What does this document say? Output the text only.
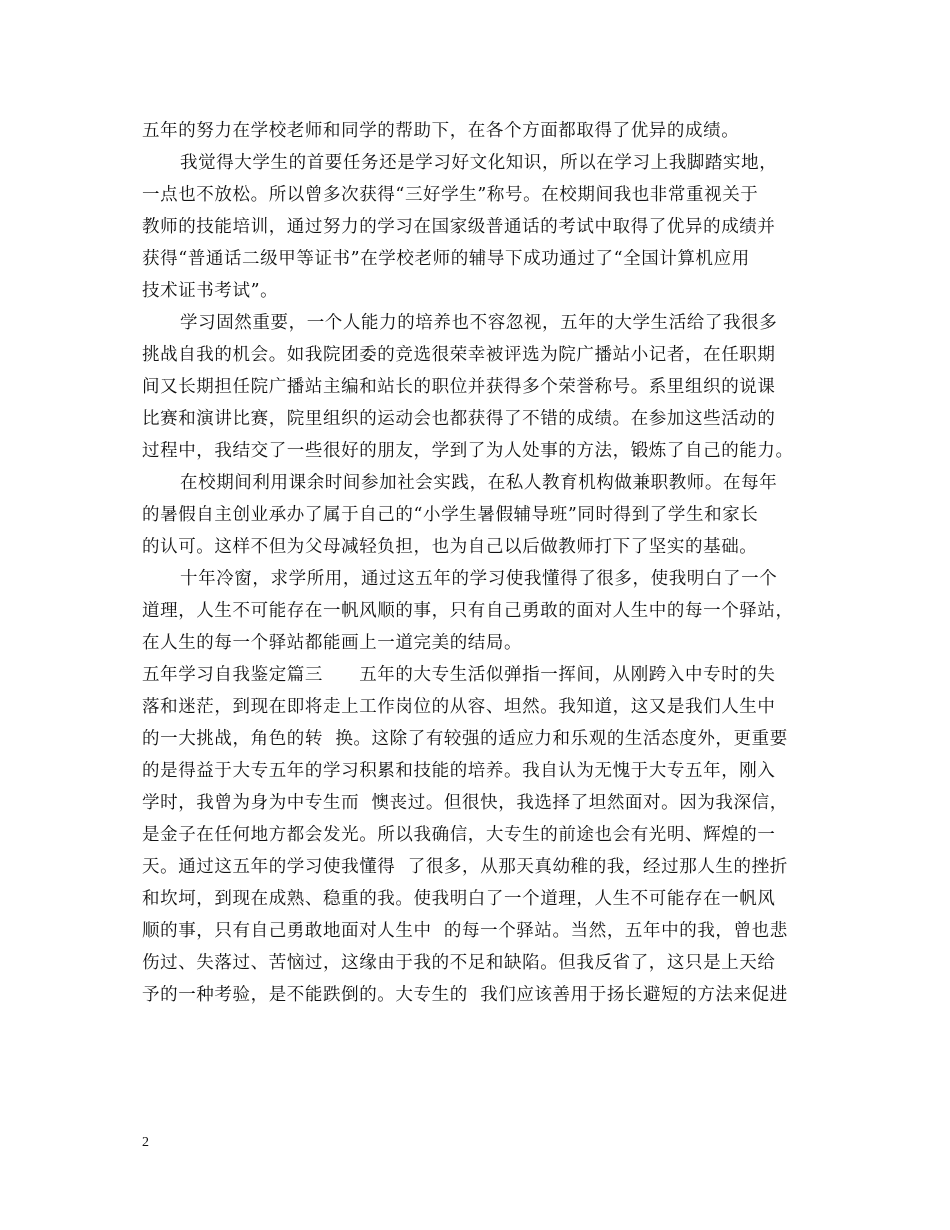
五年的努力在学校老师和同学的帮助下，在各个方面都取得了优异的成绩。
我觉得大学生的首要任务还是学习好文化知识，所以在学习上我脚踏实地，
一点也不放松。所以曾多次获得“三好学生”称号。在校期间我也非常重视关于
教师的技能培训，通过努力的学习在国家级普通话的考试中取得了优异的成绩并
获得“普通话二级甲等证书”在学校老师的辅导下成功通过了“全国计算机应用
技术证书考试”。
学习固然重要，一个人能力的培养也不容忽视，五年的大学生活给了我很多
挑战自我的机会。如我院团委的竞选很荣幸被评选为院广播站小记者，在任职期
间又长期担任院广播站主编和站长的职位并获得多个荣誉称号。系里组织的说课
比赛和演讲比赛，院里组织的运动会也都获得了不错的成绩。在参加这些活动的
过程中，我结交了一些很好的朋友，学到了为人处事的方法，锻炼了自己的能力。
在校期间利用课余时间参加社会实践，在私人教育机构做兼职教师。在每年
的暑假自主创业承办了属于自己的“小学生暑假辅导班”同时得到了学生和家长
的认可。这样不但为父母减轻负担，也为自己以后做教师打下了坚实的基础。
十年冷窗，求学所用，通过这五年的学习使我懂得了很多，使我明白了一个
道理，人生不可能存在一帆风顺的事，只有自己勇敢的面对人生中的每一个驿站，
在人生的每一个驿站都能画上一道完美的结局。
五年学习自我鉴定篇三　　五年的大专生活似弹指一挥间，从刚跨入中专时的失
落和迷茫，到现在即将走上工作岗位的从容、坦然。我知道，这又是我们人生中
的一大挑战，角色的转  换。这除了有较强的适应力和乐观的生活态度外，更重要
的是得益于大专五年的学习积累和技能的培养。我自认为无愧于大专五年，刚入
学时，我曾为身为中专生而  懊丧过。但很快，我选择了坦然面对。因为我深信，
是金子在任何地方都会发光。所以我确信，大专生的前途也会有光明、辉煌的一
天。通过这五年的学习使我懂得  了很多，从那天真幼稚的我，经过那人生的挫折
和坎坷，到现在成熟、稳重的我。使我明白了一个道理，人生不可能存在一帆风
顺的事，只有自己勇敢地面对人生中  的每一个驿站。当然，五年中的我，曾也悲
伤过、失落过、苦恼过，这缘由于我的不足和缺陷。但我反省了，这只是上天给
予的一种考验，是不能跌倒的。大专生的  我们应该善用于扬长避短的方法来促进
2
